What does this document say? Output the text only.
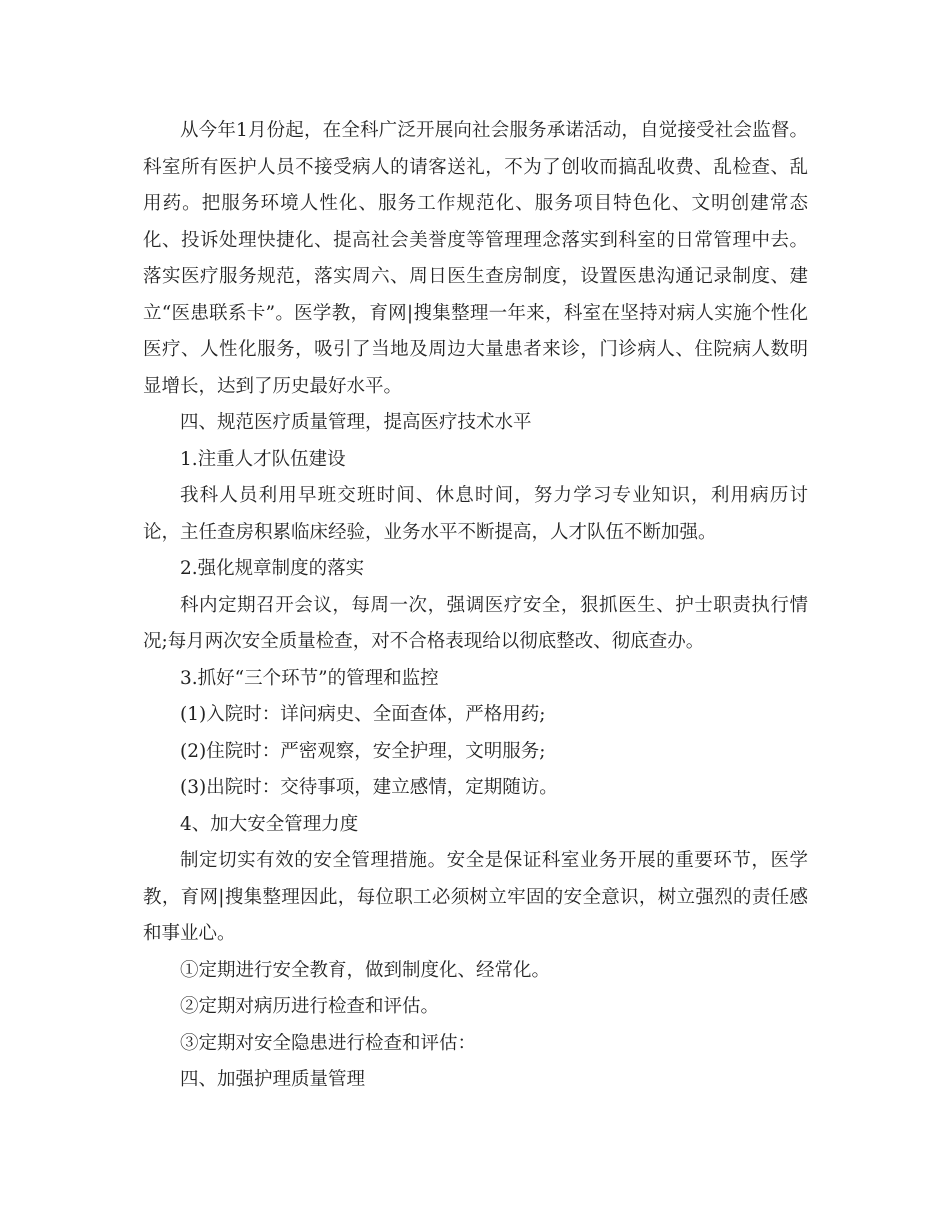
从今年1月份起，在全科广泛开展向社会服务承诺活动，自觉接受社会监督。科室所有医护人员不接受病人的请客送礼，不为了创收而搞乱收费、乱检查、乱用药。把服务环境人性化、服务工作规范化、服务项目特色化、文明创建常态化、投诉处理快捷化、提高社会美誉度等管理理念落实到科室的日常管理中去。落实医疗服务规范，落实周六、周日医生查房制度，设置医患沟通记录制度、建立“医患联系卡”。医学教，育网|搜集整理一年来，科室在坚持对病人实施个性化医疗、人性化服务，吸引了当地及周边大量患者来诊，门诊病人、住院病人数明显增长，达到了历史最好水平。

四、规范医疗质量管理，提高医疗技术水平

1.注重人才队伍建设

我科人员利用早班交班时间、休息时间，努力学习专业知识，利用病历讨论，主任查房积累临床经验，业务水平不断提高，人才队伍不断加强。

2.强化规章制度的落实

科内定期召开会议，每周一次，强调医疗安全，狠抓医生、护士职责执行情况;每月两次安全质量检查，对不合格表现给以彻底整改、彻底查办。

3.抓好“三个环节”的管理和监控

(1)入院时：详问病史、全面查体，严格用药;

(2)住院时：严密观察，安全护理，文明服务;

(3)出院时：交待事项，建立感情，定期随访。

4、加大安全管理力度

制定切实有效的安全管理措施。安全是保证科室业务开展的重要环节，医学教，育网|搜集整理因此，每位职工必须树立牢固的安全意识，树立强烈的责任感和事业心。

①定期进行安全教育，做到制度化、经常化。

②定期对病历进行检查和评估。

③定期对安全隐患进行检查和评估：

四、加强护理质量管理
